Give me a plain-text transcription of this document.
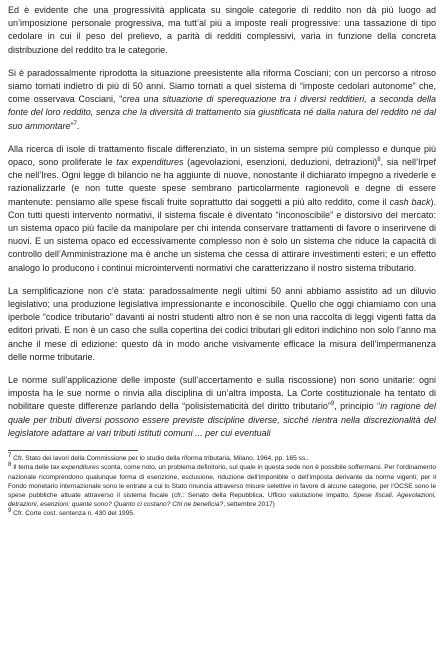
Ed è evidente che una progressività applicata su singole categorie di reddito non dà più luogo ad un’imposizione personale progressiva, ma tutt’al più a imposte reali progressive: una tassazione di tipo cedolare in cui il peso del prelievo, a parità di redditi complessivi, varia in funzione della concreta distribuzione del reddito tra le categorie.

Si è paradossalmente riprodotta la situazione preesistente alla riforma Cosciani; con un percorso a ritroso siamo tornati indietro di più di 50 anni. Siamo tornati a quel sistema di “imposte cedolari autonome” che, come osservava Cosciani, “crea una situazione di sperequazione tra i diversi redditieri, a seconda della fonte del loro reddito, senza che la diversità di trattamento sia giustificata né dalla natura del reddito né dal suo ammontare”$^7$.

Alla ricerca di isole di trattamento fiscale differenziato, in un sistema sempre più complesso e dunque più opaco, sono proliferate le tax expenditures (agevolazioni, esenzioni, deduzioni, detrazioni)$^8$, sia nell’Irpef che nell’Ires. Ogni legge di bilancio ne ha aggiunte di nuove, nonostante il dichiarato impegno a rivederle e razionalizzarle (e non tutte queste spese sembrano particolarmente ragionevoli e degne di essere mantenute: pensiamo alle spese fiscali fruite soprattutto dai soggetti a più alto reddito, come il cash back). Con tutti questi intervento normativi, il sistema fiscale è diventato “inconoscibile” e distorsivo del mercato: un sistema opaco più facile da manipolare per chi intenda conservare trattamenti di favore o inserirvene di nuovi. E un sistema opaco ed eccessivamente complesso non è solo un sistema che riduce la capacità di controllo dell’Amministrazione ma è anche un sistema che cessa di attirare investimenti esteri; e un effetto analogo lo producono i continui microinterventi normativi che caratterizzano il nostro sistema tributario.

La semplificazione non c’è stata: paradossalmente negli ultimi 50 anni abbiamo assistito ad un diluvio legislativo; una produzione legislativa impressionante e inconoscibile. Quello che oggi chiamiamo con una iperbole “codice tributario” davanti ai nostri studenti altro non è se non una raccolta di leggi vigenti fatta da editori privati. E non è un caso che sulla copertina dei codici tributari gli editori indichino non solo l’anno ma anche il mese di edizione: questo dà in modo anche visivamente efficace la misura dell’impermanenza delle norme tributarie.

Le norme sull’applicazione delle imposte (sull’accertamento e sulla riscossione) non sono unitarie: ogni imposta ha le sue norme o rinvia alla disciplina di un’altra imposta. La Corte costituzionale ha tentato di nobilitare queste differenze parlando della “polisistematicità del diritto tributario”$^9$, principio “in ragione del quale per tributi diversi possono essere previste discipline diverse, sicché rientra nella discrezionalità del legislatore adattare ai vari tributi istituti comuni ... per cui eventuali

$^7$ Cfr. Stato dei lavori della Commissione per lo studio della riforma tributaria, Milano, 1964, pp. 165 ss..

$^8$ Il tema delle tax expenditures sconta, come noto, un problema definitorio, sul quale in questa sede non è possibile soffermarsi. Per l’ordinamento nazionale ricomprendono qualunque forma di esenzione, esclusione, riduzione dell’imponibile o dell’imposta derivante da norme vigenti; per il Fondo monetario internazionale sono le entrate a cui lo Stato rinuncia attraverso misure selettive in favore di alcune categorie, per l’OCSE sono le spese pubbliche attuate attraverso il sistema fiscale (cfr.: Senato della Repubblica, Ufficio valutazione impatto, Spese fiscali. Agevolazioni, detrazioni, esenzioni: quante sono? Quanto ci costano? Chi ne beneficia?, settembre 2017)

$^9$ Cfr. Corte cost. sentenza n. 430 del 1995.
